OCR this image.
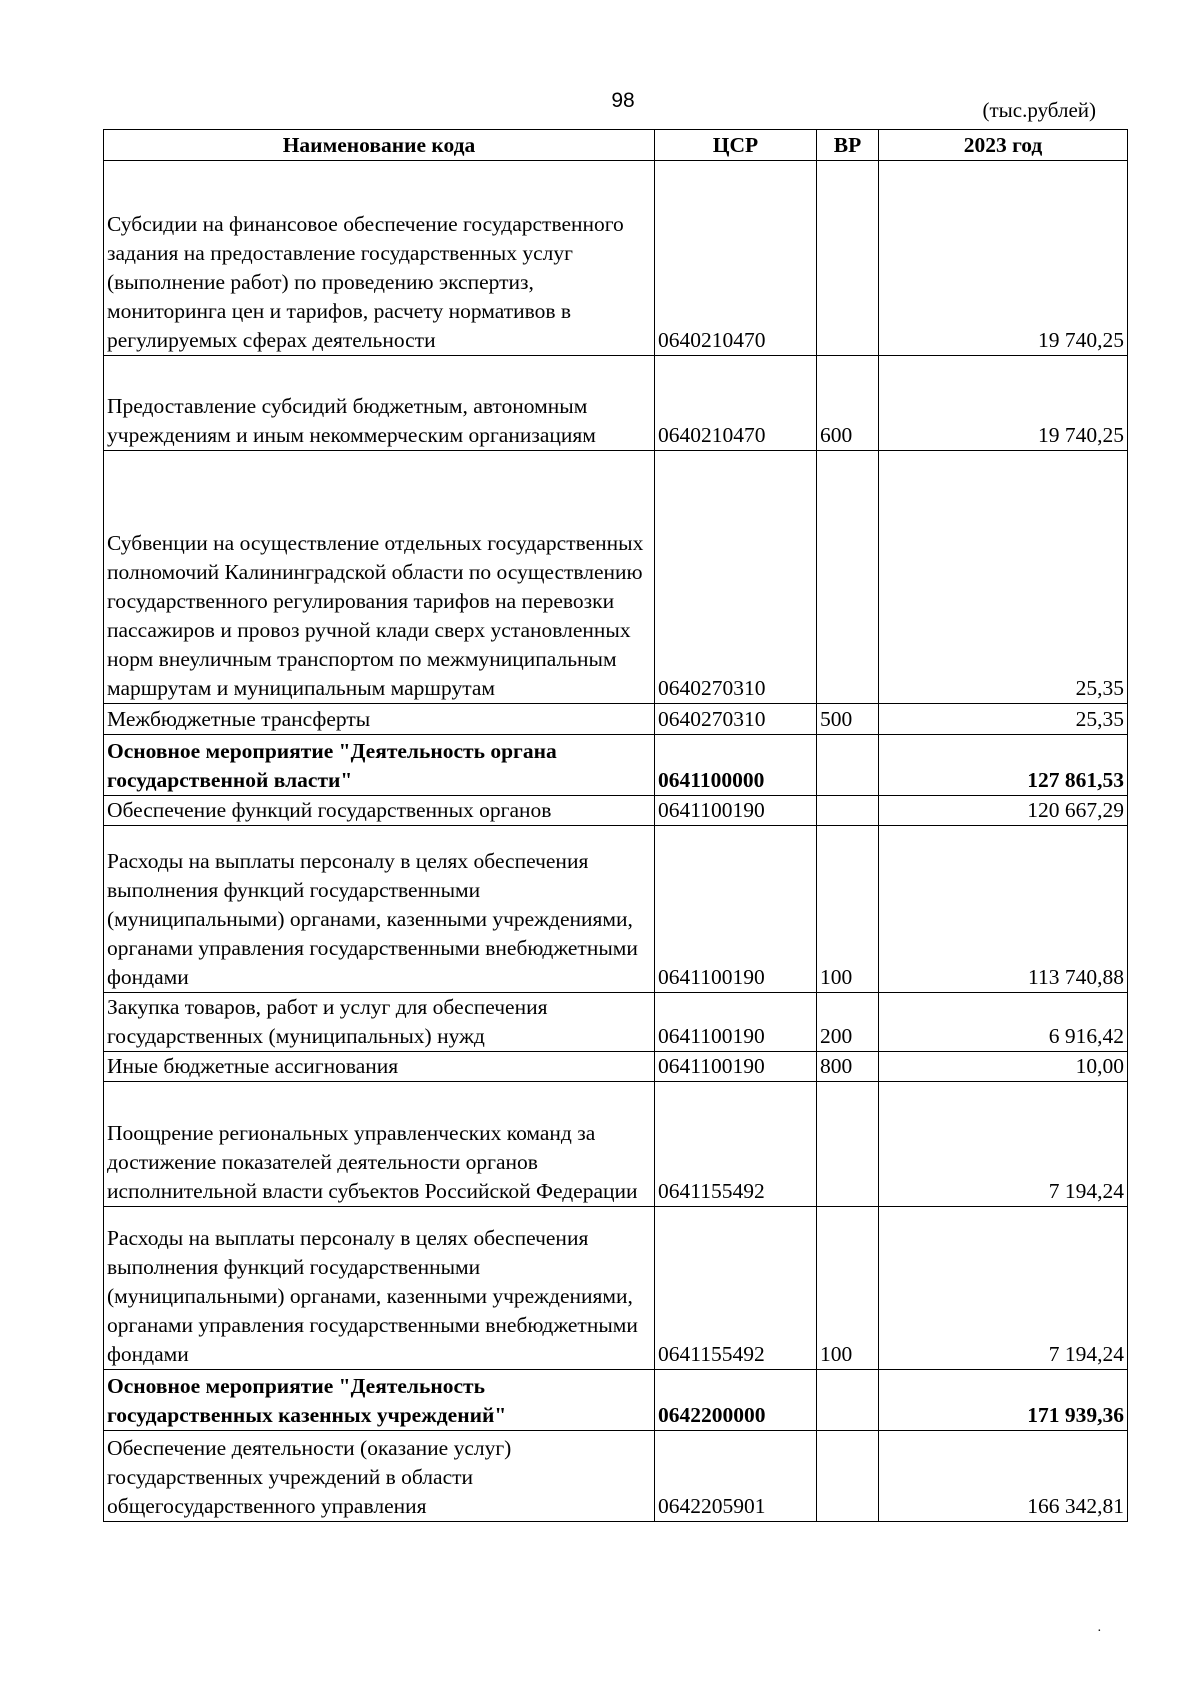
98	(тыс.рублей)
Наименование кода	ЦСР	ВР	2023 год
Субсидии на финансовое обеспечение государственного задания на предоставление государственных услуг (выполнение работ) по проведению экспертиз, мониторинга цен и тарифов, расчету нормативов в регулируемых сферах деятельности	0640210470		19 740,25
Предоставление субсидий бюджетным, автономным учреждениям и иным некоммерческим организациям	0640210470	600	19 740,25
Субвенции на осуществление отдельных государственных полномочий Калининградской области по осуществлению государственного регулирования тарифов на перевозки пассажиров и провоз ручной клади сверх установленных норм внеуличным транспортом по межмуниципальным маршрутам и муниципальным маршрутам	0640270310		25,35
Межбюджетные трансферты	0640270310	500	25,35
Основное мероприятие "Деятельность органа государственной власти"	0641100000		127 861,53
Обеспечение функций государственных органов	0641100190		120 667,29
Расходы на выплаты персоналу в целях обеспечения выполнения функций государственными (муниципальными) органами, казенными учреждениями, органами управления государственными внебюджетными фондами	0641100190	100	113 740,88
Закупка товаров, работ и услуг для обеспечения государственных (муниципальных) нужд	0641100190	200	6 916,42
Иные бюджетные ассигнования	0641100190	800	10,00
Поощрение региональных управленческих команд за достижение показателей деятельности органов исполнительной власти субъектов Российской Федерации	0641155492		7 194,24
Расходы на выплаты персоналу в целях обеспечения выполнения функций государственными (муниципальными) органами, казенными учреждениями, органами управления государственными внебюджетными фондами	0641155492	100	7 194,24
Основное мероприятие "Деятельность государственных казенных учреждений"	0642200000		171 939,36
Обеспечение деятельности (оказание услуг) государственных учреждений в области общегосударственного управления	0642205901		166 342,81
·
